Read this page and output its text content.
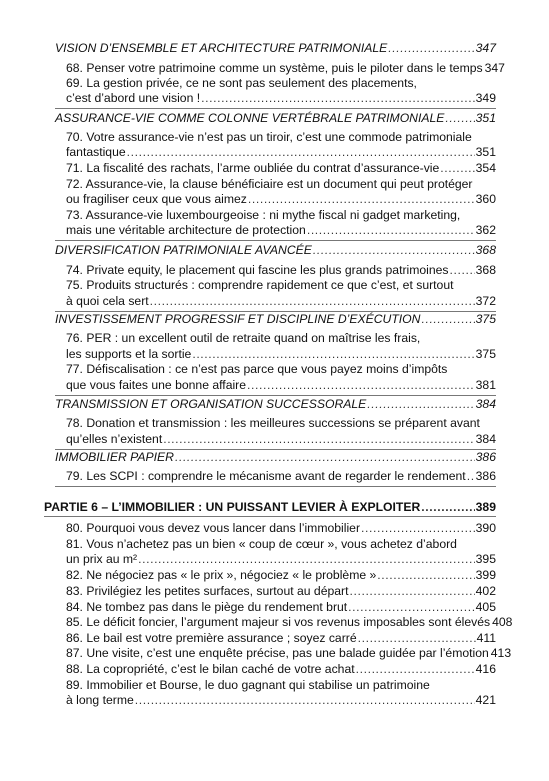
VISION D’ENSEMBLE ET ARCHITECTURE PATRIMONIALE .....	347
68. Penser votre patrimoine comme un système, puis le piloter dans le temps 347
69. La gestion privée, ce ne sont pas seulement des placements,
c’est d’abord une vision ! .....	349
ASSURANCE-VIE COMME COLONNE VERTÉBRALE PATRIMONIALE .....	351
70. Votre assurance-vie n’est pas un tiroir, c’est une commode patrimoniale
fantastique .....	351
71. La fiscalité des rachats, l’arme oubliée du contrat d’assurance-vie .....	354
72. Assurance-vie, la clause bénéficiaire est un document qui peut protéger
ou fragiliser ceux que vous aimez .....	360
73. Assurance-vie luxembourgeoise : ni mythe fiscal ni gadget marketing,
mais une véritable architecture de protection .....	362
DIVERSIFICATION PATRIMONIALE AVANCÉE .....	368
74. Private equity, le placement qui fascine les plus grands patrimoines ..... 368
75. Produits structurés : comprendre rapidement ce que c’est, et surtout
à quoi cela sert .....	372
INVESTISSEMENT PROGRESSIF ET DISCIPLINE D’EXÉCUTION .....	375
76. PER : un excellent outil de retraite quand on maîtrise les frais,
les supports et la sortie .....	375
77. Défiscalisation : ce n’est pas parce que vous payez moins d’impôts
que vous faites une bonne affaire .....	381
TRANSMISSION ET ORGANISATION SUCCESSORALE .....	384
78. Donation et transmission : les meilleures successions se préparent avant
qu’elles n’existent .....	384
IMMOBILIER PAPIER .....	386
79. Les SCPI : comprendre le mécanisme avant de regarder le rendement ..... 386
PARTIE 6 – L’IMMOBILIER : UN PUISSANT LEVIER À EXPLOITER .....	389
80. Pourquoi vous devez vous lancer dans l’immobilier .....	390
81. Vous n’achetez pas un bien « coup de cœur », vous achetez d’abord
un prix au m² .....	395
82. Ne négociez pas « le prix », négociez « le problème » .....	399
83. Privilégiez les petites surfaces, surtout au départ .....	402
84. Ne tombez pas dans le piège du rendement brut .....	405
85. Le déficit foncier, l’argument majeur si vos revenus imposables sont élevés 408
86. Le bail est votre première assurance ; soyez carré .....	411
87. Une visite, c’est une enquête précise, pas une balade guidée par l’émotion 413
88. La copropriété, c’est le bilan caché de votre achat .....	416
89. Immobilier et Bourse, le duo gagnant qui stabilise un patrimoine
à long terme .....	421
